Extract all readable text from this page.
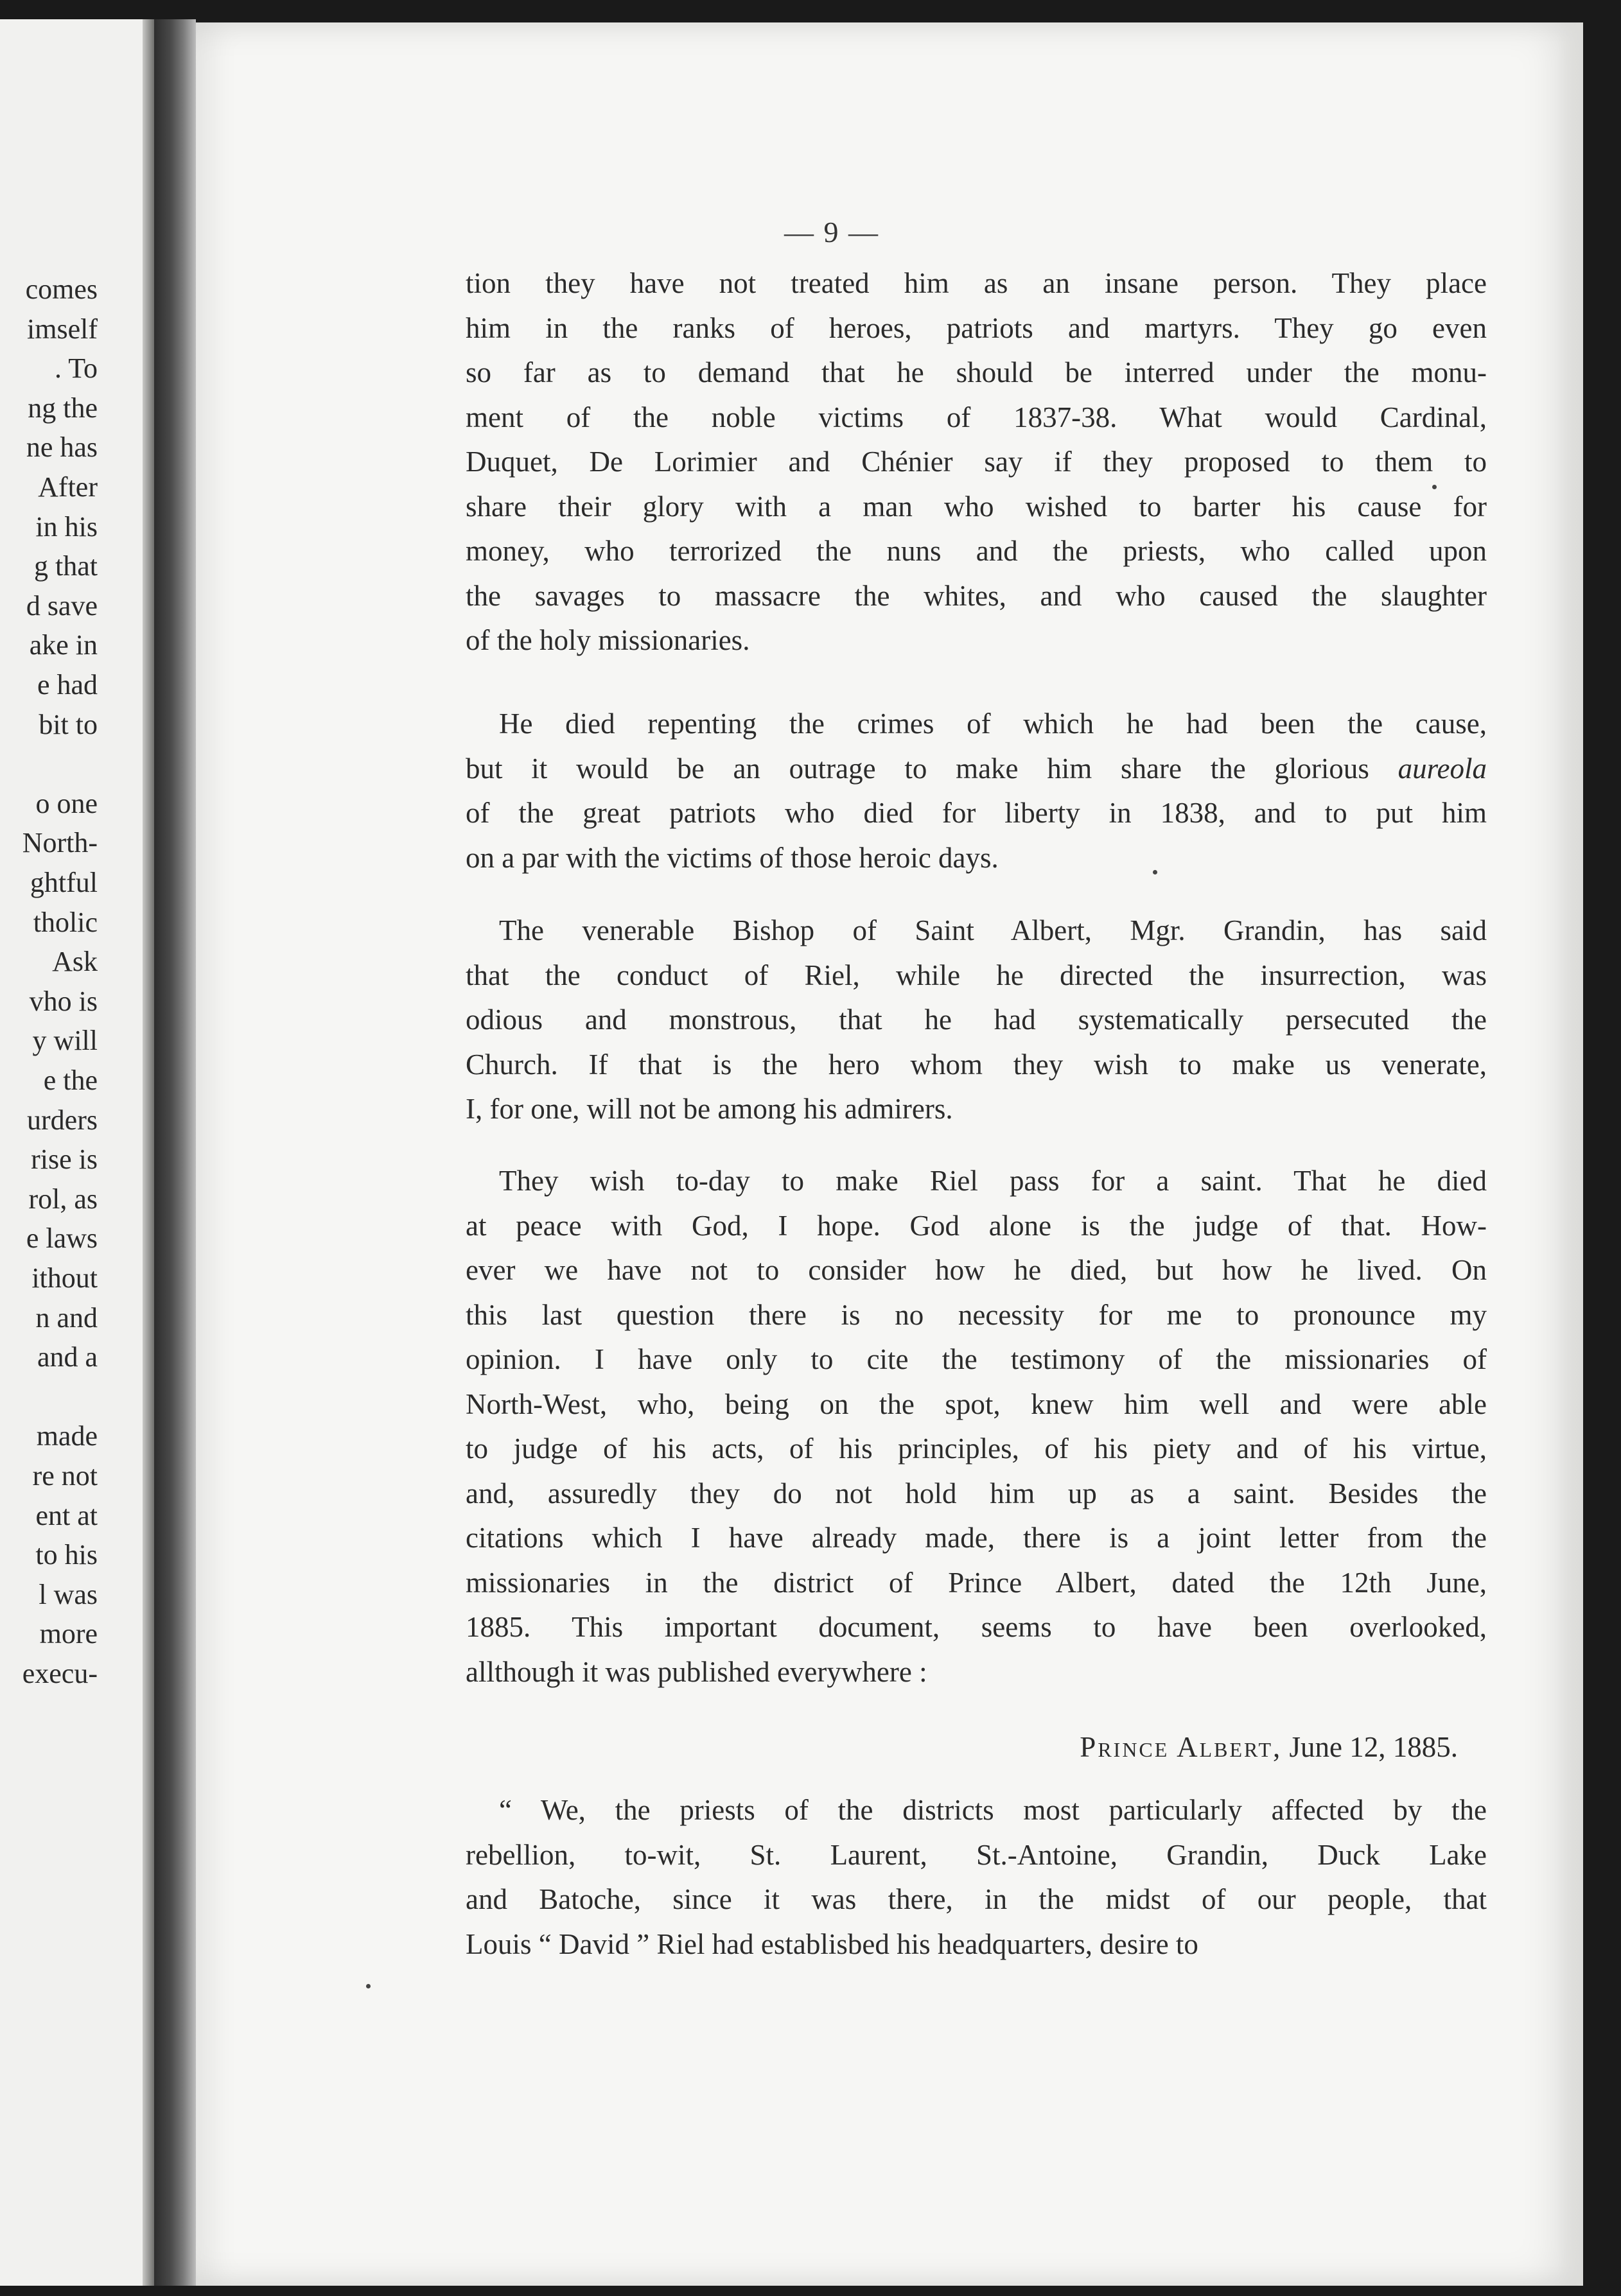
comes
imself
. To
ng the
ne has
After
in his
g that
d save
ake in
e had
bit to
o one
North-
ghtful
tholic
Ask
vho is
y will
e the
urders
rise is
rol, as
e laws
ithout
n and
and a
made
re not
ent at
to his
l was
more
execu-
— 9 —
tion they have not treated him as an insane person. They place
him in the ranks of heroes, patriots and martyrs. They go even
so far as to demand that he should be interred under the monu-
ment of the noble victims of 1837-38. What would Cardinal,
Duquet, De Lorimier and Chénier say if they proposed to them to
share their glory with a man who wished to barter his cause for
money, who terrorized the nuns and the priests, who called upon
the savages to massacre the whites, and who caused the slaughter
of the holy missionaries.
He died repenting the crimes of which he had been the cause,
but it would be an outrage to make him share the glorious aureola
of the great patriots who died for liberty in 1838, and to put him
on a par with the victims of those heroic days.
The venerable Bishop of Saint Albert, Mgr. Grandin, has said
that the conduct of Riel, while he directed the insurrection, was
odious and monstrous, that he had systematically persecuted the
Church. If that is the hero whom they wish to make us venerate,
I, for one, will not be among his admirers.
They wish to-day to make Riel pass for a saint. That he died
at peace with God, I hope. God alone is the judge of that. How-
ever we have not to consider how he died, but how he lived. On
this last question there is no necessity for me to pronounce my
opinion. I have only to cite the testimony of the missionaries of
North-West, who, being on the spot, knew him well and were able
to judge of his acts, of his principles, of his piety and of his virtue,
and, assuredly they do not hold him up as a saint. Besides the
citations which I have already made, there is a joint letter from the
missionaries in the district of Prince Albert, dated the 12th June,
1885. This important document, seems to have been overlooked,
allthough it was published everywhere :
Prince Albert, June 12, 1885.
“ We, the priests of the districts most particularly affected by the
rebellion, to-wit, St. Laurent, St.-Antoine, Grandin, Duck Lake
and Batoche, since it was there, in the midst of our people, that
Louis “ David ” Riel had establisbed his headquarters, desire to
